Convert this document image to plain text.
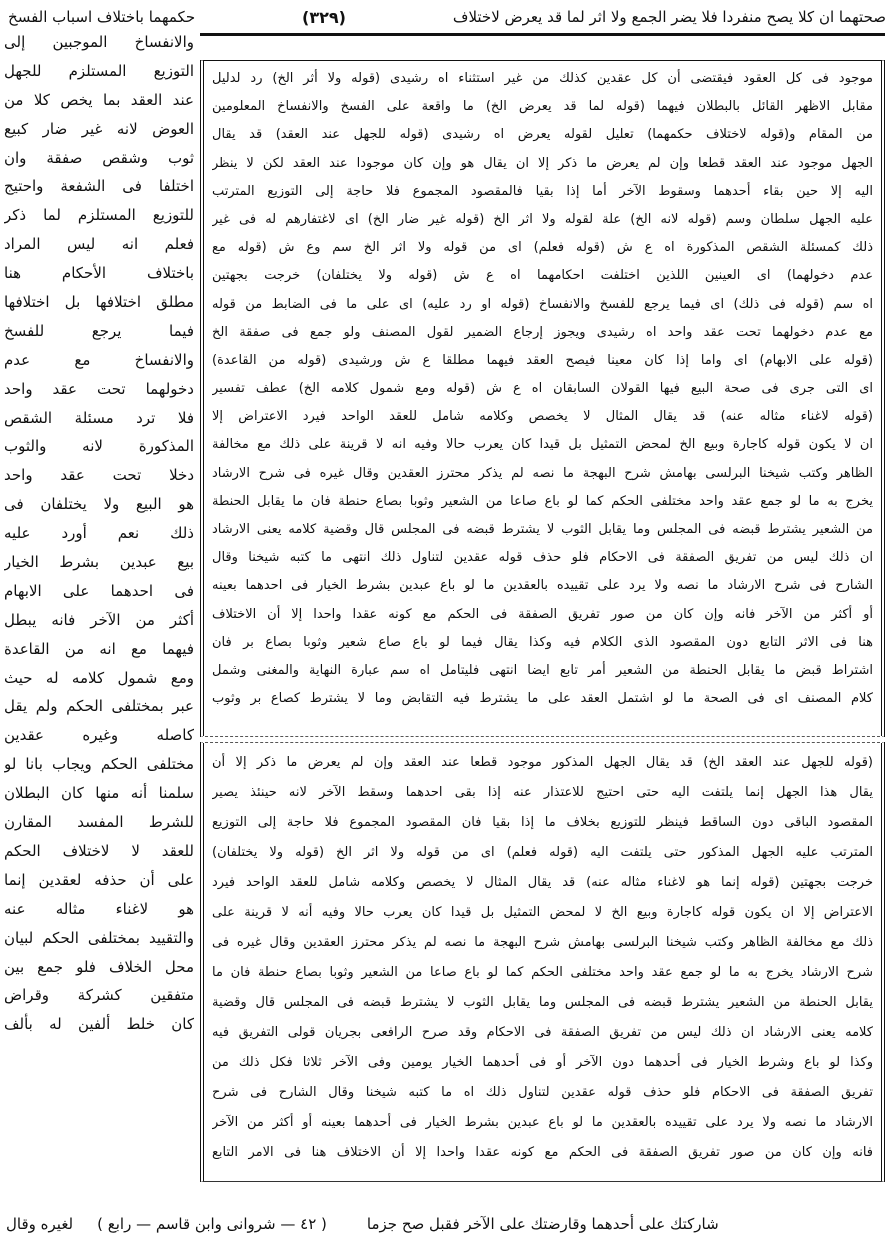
حكمهما باختلاف اسباب الفسخ	(٣٢٩)	صحتهما ان كلا يصح منفردا فلا يضر الجمع ولا اثر لما قد يعرض لاختلاف
والانفساخ الموجبين إلى
التوزيع المستلزم للجهل
عند العقد بما يخص كلا من
العوض لانه غير ضار كبيع
ثوب وشقص صفقة وان
اختلفا فى الشفعة واحتيج
للتوزيع المستلزم لما ذكر
فعلم انه ليس المراد
باختلاف الأحكام هنا
مطلق اختلافها بل اختلافها
فيما يرجع للفسخ
والانفساخ مع عدم
دخولهما تحت عقد واحد
فلا ترد مسئلة الشقص
المذكورة لانه والثوب
دخلا تحت عقد واحد
هو البيع ولا يختلفان فى
ذلك نعم أورد عليه
بيع عبدين بشرط الخيار
فى احدهما على الابهام
أكثر من الآخر فانه يبطل
فيهما مع انه من القاعدة
ومع شمول كلامه له حيث
عبر بمختلفى الحكم ولم يقل
كاصله وغيره عقدين
مختلفى الحكم ويجاب بانا لو
سلمنا أنه منها كان البطلان
للشرط المفسد المقارن
للعقد لا لاختلاف الحكم
على أن حذفه لعقدين إنما
هو لاغناء مثاله عنه
والتقييد بمختلفى الحكم لبيان
محل الخلاف فلو جمع بين
متفقين كشركة وقراض
كان خلط ألفين له بألف
موجود فى كل العقود فيقتضى أن كل عقدين كذلك من غير استثناء اه رشيدى (قوله ولا أثر الخ) رد لدليل
مقابل الاظهر القائل بالبطلان فيهما (قوله لما قد يعرض الخ) ما واقعة على الفسخ والانفساخ المعلومين
من المقام و(قوله لاختلاف حكمهما) تعليل لقوله يعرض اه رشيدى (قوله للجهل عند العقد) قد يقال
الجهل موجود عند العقد قطعا وإن لم يعرض ما ذكر إلا ان يقال هو وإن كان موجودا عند العقد لكن لا ينظر
اليه إلا حين بقاء أحدهما وسقوط الآخر أما إذا بقيا فالمقصود المجموع فلا حاجة إلى التوزيع المترتب
عليه الجهل سلطان وسم (قوله لانه الخ) علة لقوله ولا اثر الخ (قوله غير ضار الخ) اى لاغتفارهم له فى غير
ذلك كمسئلة الشقص المذكورة اه ع ش (قوله فعلم) اى من قوله ولا اثر الخ سم وع ش (قوله مع
عدم دخولهما) اى العينين اللذين اختلفت احكامهما اه ع ش (قوله ولا يختلفان) خرجت بجهتين
اه سم (قوله فى ذلك) اى فيما يرجع للفسخ والانفساخ (قوله او رد عليه) اى على ما فى الضابط من قوله
مع عدم دخولهما تحت عقد واحد اه رشيدى ويجوز إرجاع الضمير لقول المصنف ولو جمع فى صفقة الخ
(قوله على الابهام) اى واما إذا كان معينا فيصح العقد فيهما مطلقا ع ش ورشيدى (قوله من القاعدة)
اى التى جرى فى صحة البيع فيها القولان السابقان اه ع ش (قوله ومع شمول كلامه الخ) عطف تفسير
(قوله لاغناء مثاله عنه) قد يقال المثال لا يخصص وكلامه شامل للعقد الواحد فيرد الاعتراض إلا
ان لا يكون قوله كاجارة وبيع الخ لمحض التمثيل بل قيدا كان يعرب حالا وفيه انه لا قرينة على ذلك مع مخالفة
الظاهر وكتب شيخنا البرلسى بهامش شرح البهجة ما نصه لم يذكر محترز العقدين وقال غيره فى شرح الارشاد
يخرج به ما لو جمع عقد واحد مختلفى الحكم كما لو باع صاعا من الشعير وثوبا بصاع حنطة فان ما يقابل الحنطة
من الشعير يشترط قبضه فى المجلس وما يقابل الثوب لا يشترط قبضه فى المجلس قال وقضية كلامه يعنى الارشاد
ان ذلك ليس من تفريق الصفقة فى الاحكام فلو حذف قوله عقدين لتناول ذلك انتهى ما كتبه شيخنا وقال
الشارح فى شرح الارشاد ما نصه ولا يرد على تقييده بالعقدين ما لو باع عبدين بشرط الخيار فى احدهما بعينه
أو أكثر من الآخر فانه وإن كان من صور تفريق الصفقة فى الحكم مع كونه عقدا واحدا إلا أن الاختلاف
هنا فى الاثر التابع دون المقصود الذى الكلام فيه وكذا يقال فيما لو باع صاع شعير وثوبا بصاع بر فان
اشتراط قبض ما يقابل الحنطة من الشعير أمر تابع ايضا انتهى فليتامل اه سم عبارة النهاية والمغنى وشمل
كلام المصنف اى فى الصحة ما لو اشتمل العقد على ما يشترط فيه التقابض وما لا يشترط كصاع بر وثوب
(قوله للجهل عند العقد الخ) قد يقال الجهل المذكور موجود قطعا عند العقد وإن لم يعرض ما ذكر إلا أن
يقال هذا الجهل إنما يلتفت اليه حتى احتيج للاعتذار عنه إذا بقى احدهما وسقط الآخر لانه حينئذ يصير
المقصود الباقى دون الساقط فينظر للتوزيع بخلاف ما إذا بقيا فان المقصود المجموع فلا حاجة إلى التوزيع
المترتب عليه الجهل المذكور حتى يلتفت اليه (قوله فعلم) اى من قوله ولا اثر الخ (قوله ولا يختلفان)
خرجت بجهتين (قوله إنما هو لاغناء مثاله عنه) قد يقال المثال لا يخصص وكلامه شامل للعقد الواحد فيرد
الاعتراض إلا ان يكون قوله كاجارة وبيع الخ لا لمحض التمثيل بل قيدا كان يعرب حالا وفيه أنه لا قرينة على
ذلك مع مخالفة الظاهر وكتب شيخنا البرلسى بهامش شرح البهجة ما نصه لم يذكر محترز العقدين وقال غيره فى
شرح الارشاد يخرج به ما لو جمع عقد واحد مختلفى الحكم كما لو باع صاعا من الشعير وثوبا بصاع حنطة فان ما
يقابل الحنطة من الشعير يشترط قبضه فى المجلس وما يقابل الثوب لا يشترط قبضه فى المجلس قال وقضية
كلامه يعنى الارشاد ان ذلك ليس من تفريق الصفقة فى الاحكام وقد صرح الرافعى بجريان قولى التفريق فيه
وكذا لو باع وشرط الخيار فى أحدهما دون الآخر أو فى أحدهما الخيار يومين وفى الآخر ثلاثا فكل ذلك من
تفريق الصفقة فى الاحكام فلو حذف قوله عقدين لتناول ذلك اه ما كتبه شيخنا وقال الشارح فى شرح
الارشاد ما نصه ولا يرد على تقييده بالعقدين ما لو باع عبدين بشرط الخيار فى أحدهما بعينه أو أكثر من الآخر
فانه وإن كان من صور تفريق الصفقة فى الحكم مع كونه عقدا واحدا إلا أن الاختلاف هنا فى الامر التابع
لغيره وقال ( ٤٢ — شروانى وابن قاسم — رابع )	شاركتك على أحدهما وقارضتك على الآخر فقبل صح جزما
